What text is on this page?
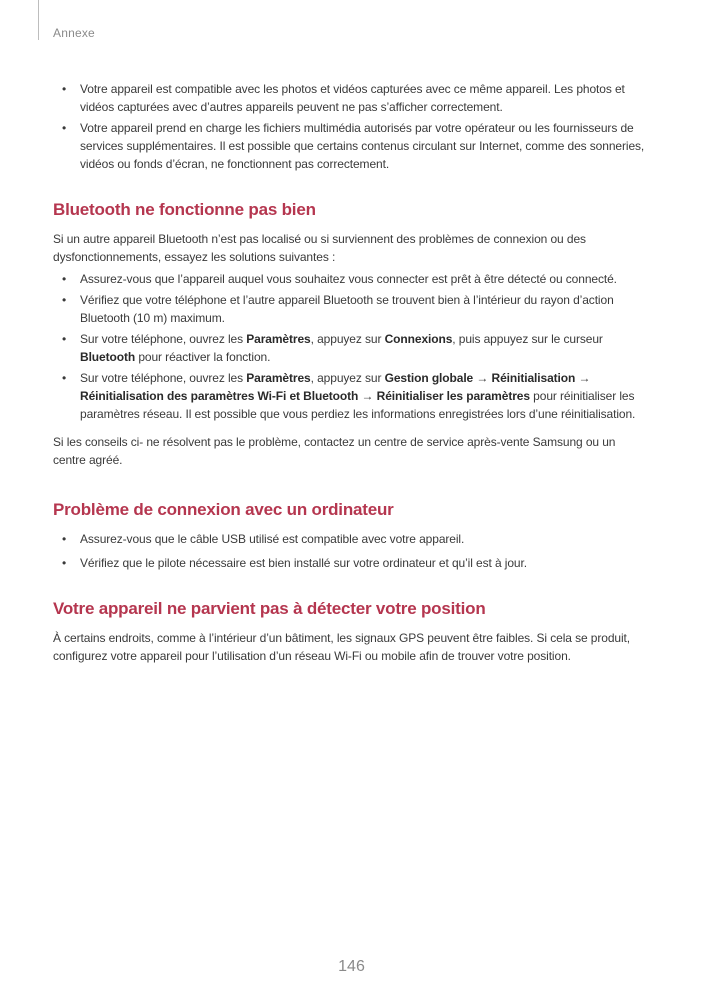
Annexe
• Votre appareil est compatible avec les photos et vidéos capturées avec ce même appareil. Les photos et vidéos capturées avec d’autres appareils peuvent ne pas s’afficher correctement.
• Votre appareil prend en charge les fichiers multimédia autorisés par votre opérateur ou les fournisseurs de services supplémentaires. Il est possible que certains contenus circulant sur Internet, comme des sonneries, vidéos ou fonds d’écran, ne fonctionnent pas correctement.
Bluetooth ne fonctionne pas bien

Si un autre appareil Bluetooth n’est pas localisé ou si surviennent des problèmes de connexion ou des dysfonctionnements, essayez les solutions suivantes :

• Assurez-vous que l’appareil auquel vous souhaitez vous connecter est prêt à être détecté ou connecté.
• Vérifiez que votre téléphone et l’autre appareil Bluetooth se trouvent bien à l’intérieur du rayon d’action Bluetooth (10 m) maximum.
• Sur votre téléphone, ouvrez les Paramètres, appuyez sur Connexions, puis appuyez sur le curseur Bluetooth pour réactiver la fonction.
• Sur votre téléphone, ouvrez les Paramètres, appuyez sur Gestion globale → Réinitialisation → Réinitialisation des paramètres Wi-Fi et Bluetooth → Réinitialiser les paramètres pour réinitialiser les paramètres réseau. Il est possible que vous perdiez les informations enregistrées lors d’une réinitialisation.

Si les conseils ci- ne résolvent pas le problème, contactez un centre de service après-vente Samsung ou un centre agréé.

Problème de connexion avec un ordinateur
• Assurez-vous que le câble USB utilisé est compatible avec votre appareil.
• Vérifiez que le pilote nécessaire est bien installé sur votre ordinateur et qu’il est à jour.
Votre appareil ne parvient pas à détecter votre position

À certains endroits, comme à l’intérieur d’un bâtiment, les signaux GPS peuvent être faibles. Si cela se produit, configurez votre appareil pour l’utilisation d’un réseau Wi-Fi ou mobile afin de trouver votre position.

146
